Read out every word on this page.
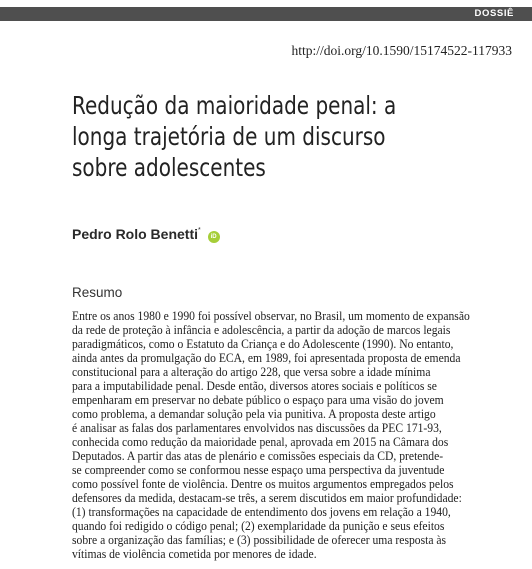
DOSSIÊ
http://doi.org/10.1590/15174522-117933
Redução da maioridade penal: a
longa trajetória de um discurso
sobre adolescentes
Pedro Rolo Benetti* iD
Resumo
Entre os anos 1980 e 1990 foi possível observar, no Brasil, um momento de expansão
da rede de proteção à infância e adolescência, a partir da adoção de marcos legais
paradigmáticos, como o Estatuto da Criança e do Adolescente (1990). No entanto,
ainda antes da promulgação do ECA, em 1989, foi apresentada proposta de emenda
constitucional para a alteração do artigo 228, que versa sobre a idade mínima
para a imputabilidade penal. Desde então, diversos atores sociais e políticos se
empenharam em preservar no debate público o espaço para uma visão do jovem
como problema, a demandar solução pela via punitiva. A proposta deste artigo
é analisar as falas dos parlamentares envolvidos nas discussões da PEC 171-93,
conhecida como redução da maioridade penal, aprovada em 2015 na Câmara dos
Deputados. A partir das atas de plenário e comissões especiais da CD, pretende-
se compreender como se conformou nesse espaço uma perspectiva da juventude
como possível fonte de violência. Dentre os muitos argumentos empregados pelos
defensores da medida, destacam-se três, a serem discutidos em maior profundidade:
(1) transformações na capacidade de entendimento dos jovens em relação a 1940,
quando foi redigido o código penal; (2) exemplaridade da punição e seus efeitos
sobre a organização das famílias; e (3) possibilidade de oferecer uma resposta às
vítimas de violência cometida por menores de idade.
